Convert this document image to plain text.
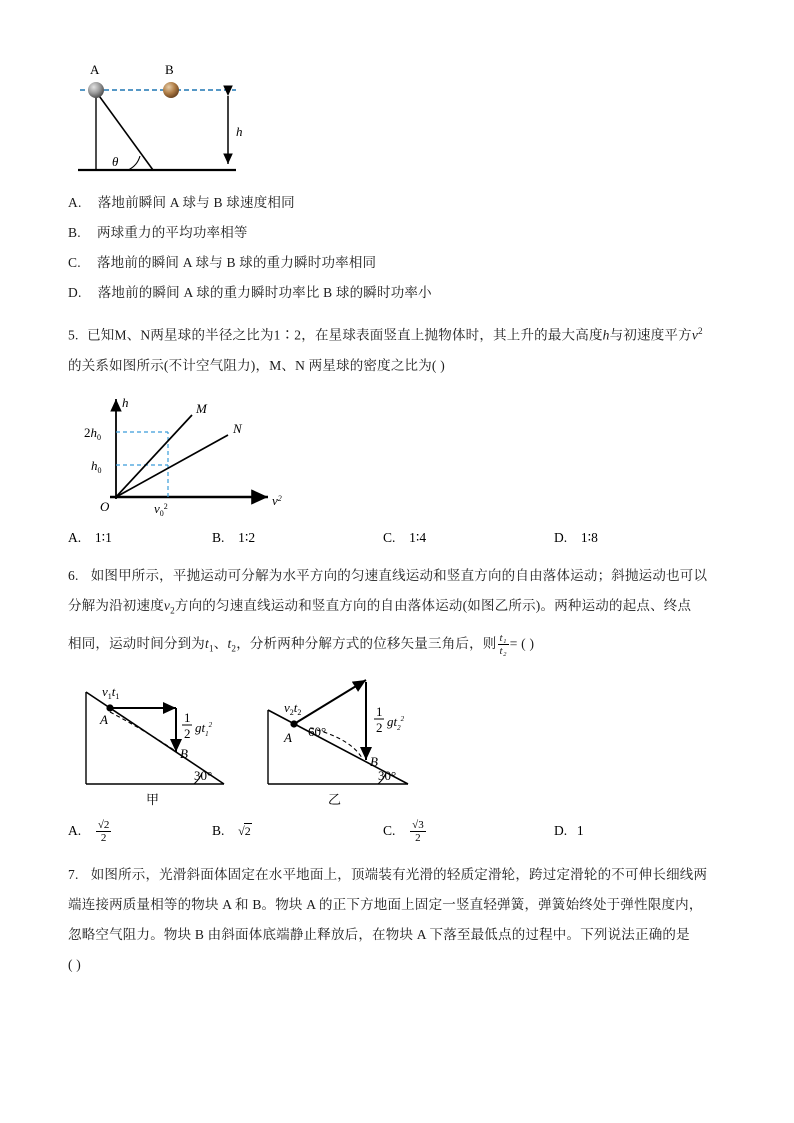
A	B
h
θ
A. 落地前瞬间 A 球与 B 球速度相同
B. 两球重力的平均功率相等
C. 落地前的瞬间 A 球与 B 球的重力瞬时功率相同
D. 落地前的瞬间 A 球的重力瞬时功率比 B 球的瞬时功率小
5. 已知M、N两星球的半径之比为1∶2，在星球表面竖直上抛物体时，其上升的最大高度h与初速度平方$v^2$
的关系如图所示(不计空气阻力)，M、N 两星球的密度之比为( )
h
$v^2$
O
M
N
$2h_0$
$h_0$
$v_0^2$
A. 1∶1	B. 1∶2	C. 1∶4	D. 1∶8
6. 如图甲所示，平抛运动可分解为水平方向的匀速直线运动和竖直方向的自由落体运动；斜抛运动也可以
分解为沿初速度$v_2$方向的匀速直线运动和竖直方向的自由落体运动(如图乙所示)。两种运动的起点、终点
相同，运动时间分到为$t_1$、$t_2$，分析两种分解方式的位移矢量三角后，则 $\frac{\text{t₁}}{\text{t₂}}$ = ( )
$v_1t_1$
A
B
30°
1
2 $gt_1^2$
甲
$v_2t_2$
A 60°
B
30°
1
2 $gt_2^2$
乙
A. $\frac{√2}{2}$	B. √2	C. $\frac{√3}{2}$	D. 1
7. 如图所示，光滑斜面体固定在水平地面上，顶端装有光滑的轻质定滑轮，跨过定滑轮的不可伸长细线两
端连接两质量相等的物块 A 和 B。物块 A 的正下方地面上固定一竖直轻弹簧，弹簧始终处于弹性限度内，
忽略空气阻力。物块 B 由斜面体底端静止释放后，在物块 A 下落至最低点的过程中。下列说法正确的是
( )
